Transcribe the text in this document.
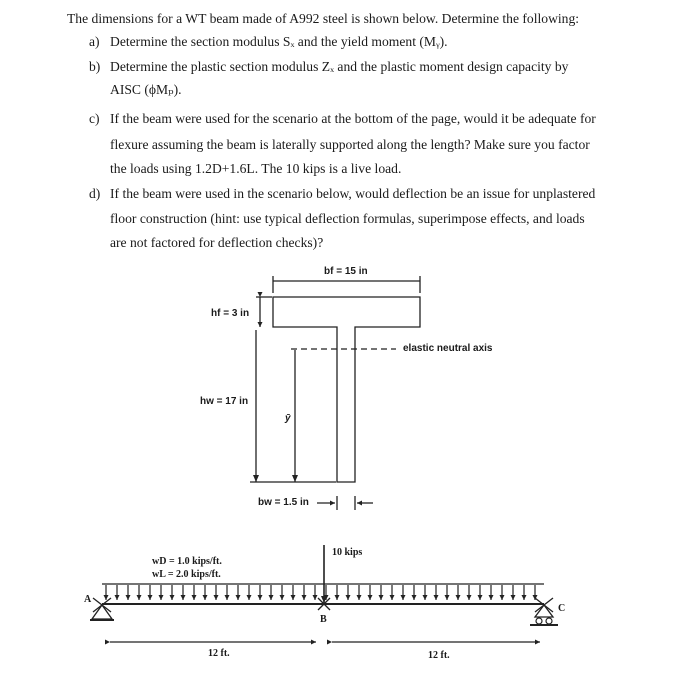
The dimensions for a WT beam made of A992 steel is shown below. Determine the following:
a) Determine the section modulus Sₓ and the yield moment (Mᵧ).
b) Determine the plastic section modulus Zₓ and the plastic moment design capacity by
AISC (ϕMₚ).
c) If the beam were used for the scenario at the bottom of the page, would it be adequate for
flexure assuming the beam is laterally supported along the length? Make sure you factor
the loads using 1.2D+1.6L. The 10 kips is a live load.
d) If the beam were used in the scenario below, would deflection be an issue for unplastered
floor construction (hint: use typical deflection formulas, superimpose effects, and loads
are not factored for deflection checks)?
bf = 15 in
hf = 3 in
hw = 17 in
ȳ
elastic neutral axis
bw = 1.5 in
10 kips
wD = 1.0 kips/ft.
wL = 2.0 kips/ft.
A
B
C
12 ft.	12 ft.
